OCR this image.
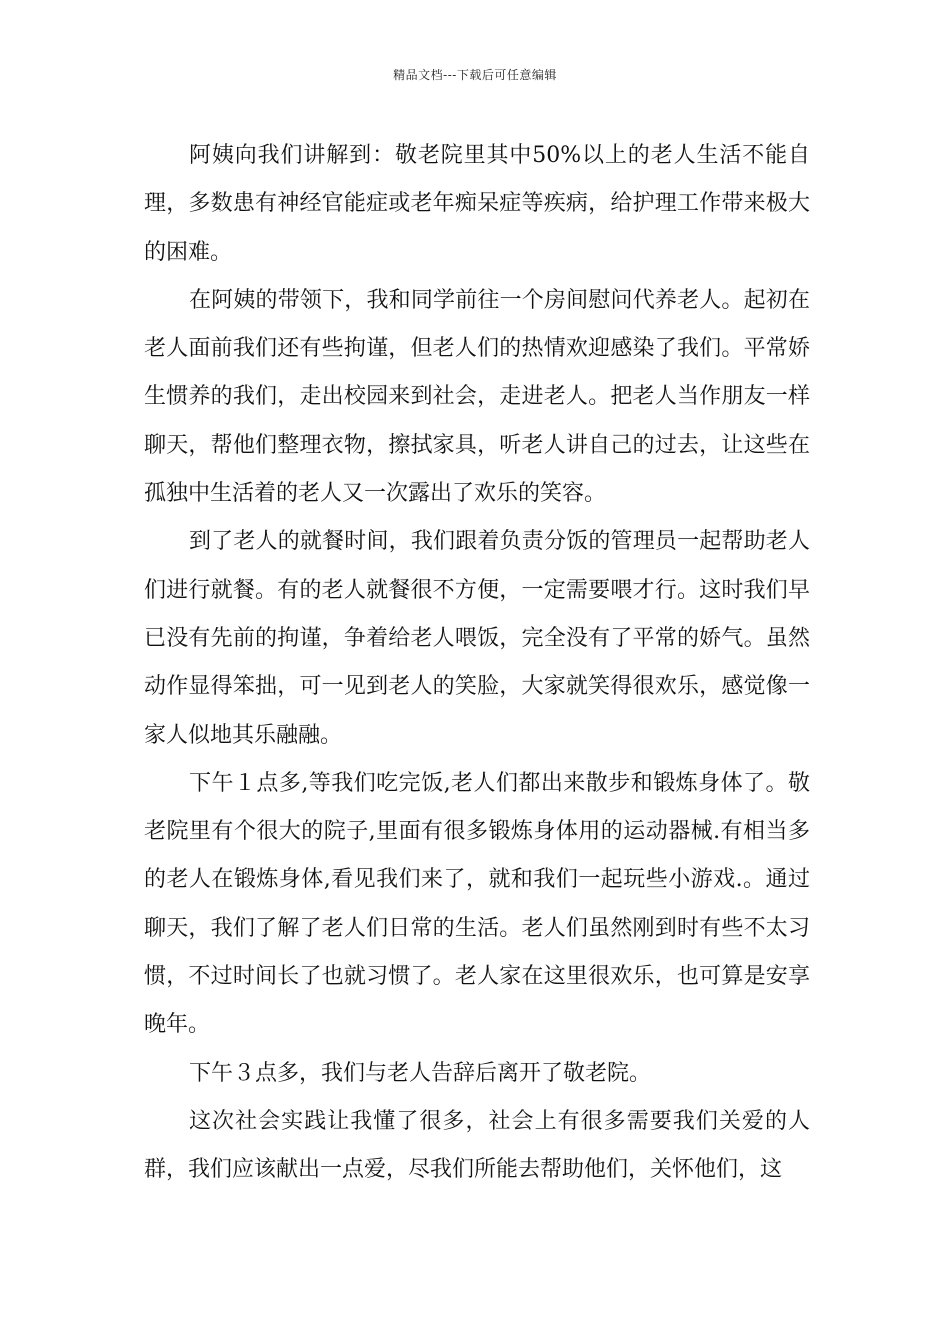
精品文档---下载后可任意编辑

阿姨向我们讲解到：敬老院里其中50%以上的老人生活不能自理，多数患有神经官能症或老年痴呆症等疾病，给护理工作带来极大的困难。

在阿姨的带领下，我和同学前往一个房间慰问代养老人。起初在老人面前我们还有些拘谨，但老人们的热情欢迎感染了我们。平常娇生惯养的我们，走出校园来到社会，走进老人。把老人当作朋友一样聊天，帮他们整理衣物，擦拭家具，听老人讲自己的过去，让这些在孤独中生活着的老人又一次露出了欢乐的笑容。

到了老人的就餐时间，我们跟着负责分饭的管理员一起帮助老人们进行就餐。有的老人就餐很不方便，一定需要喂才行。这时我们早已没有先前的拘谨，争着给老人喂饭，完全没有了平常的娇气。虽然动作显得笨拙，可一见到老人的笑脸，大家就笑得很欢乐，感觉像一家人似地其乐融融。

下午１点多,等我们吃完饭,老人们都出来散步和锻炼身体了。敬老院里有个很大的院子,里面有很多锻炼身体用的运动器械.有相当多的老人在锻炼身体,看见我们来了，就和我们一起玩些小游戏.。通过聊天，我们了解了老人们日常的生活。老人们虽然刚到时有些不太习惯，不过时间长了也就习惯了。老人家在这里很欢乐，也可算是安享晚年。

下午３点多，我们与老人告辞后离开了敬老院。

这次社会实践让我懂了很多，社会上有很多需要我们关爱的人群，我们应该献出一点爱，尽我们所能去帮助他们，关怀他们，这
